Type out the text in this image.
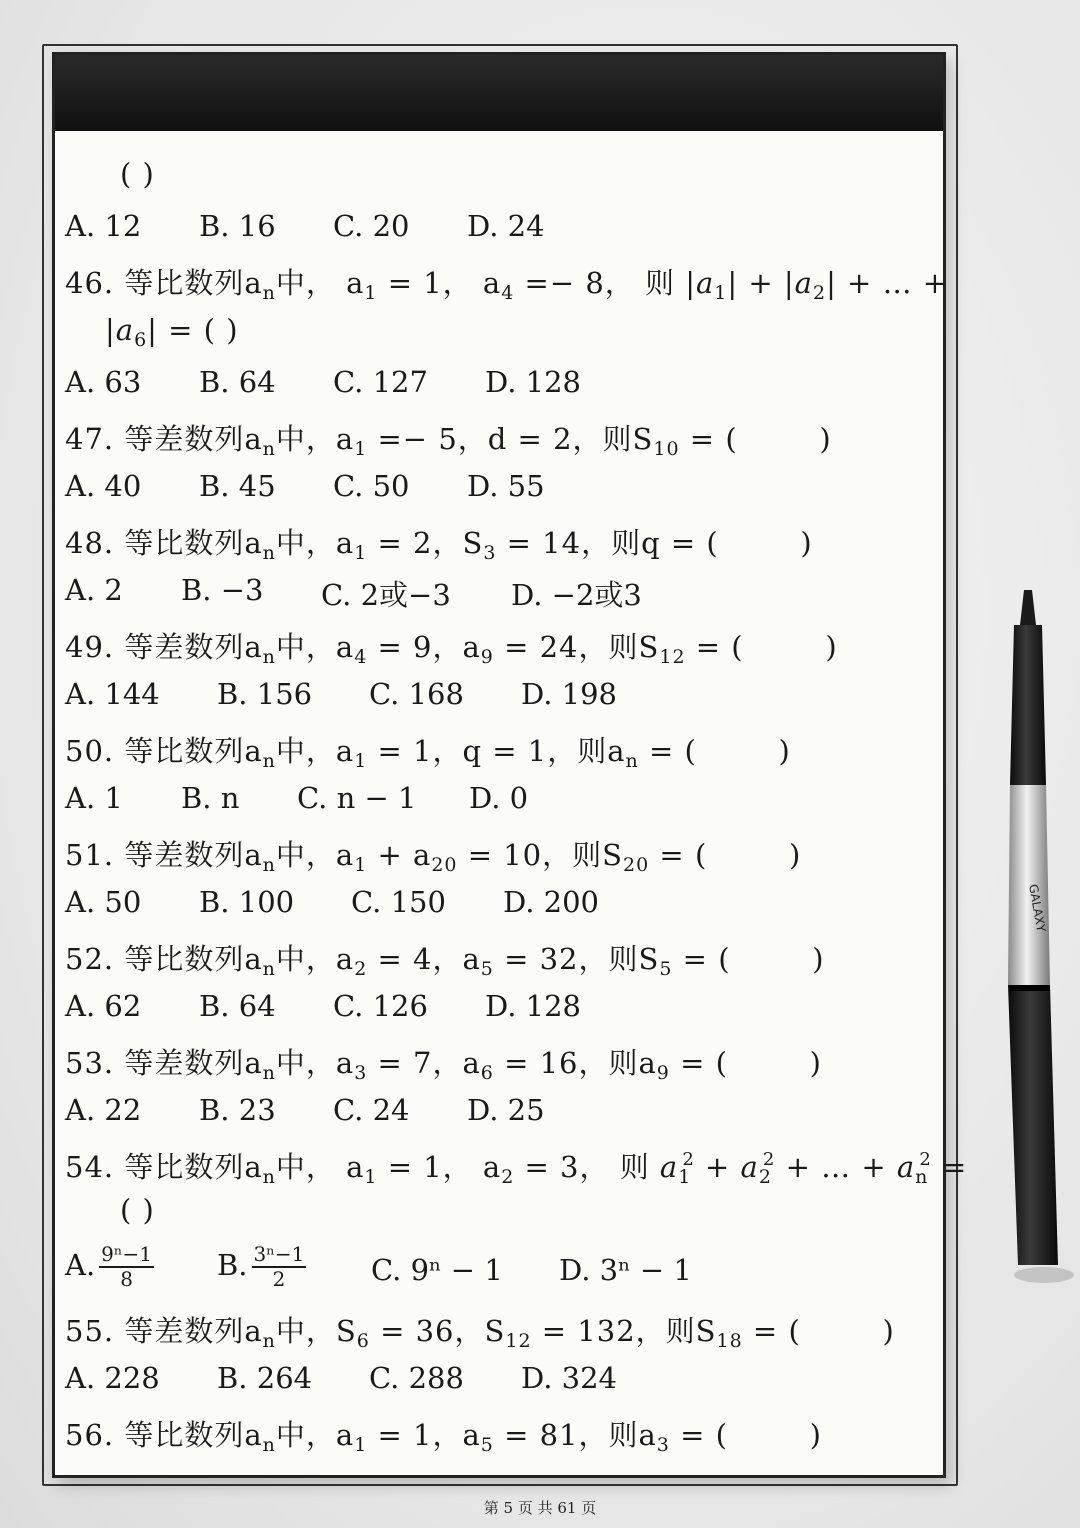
( )
A. 12 B. 16 C. 20 D. 24
46. 等比数列$a_n$中， $a_1 = 1$， $a_4 =- 8$， 则 $|a_1| + |a_2|$ + … +
$|a_6|$ = ( )
A. 63 B. 64 C. 127 D. 128
47. 等差数列$a_n$中，$a_1 =- 5$，d = 2，则$S_{10}$ = (        )
A. 40 B. 45 C. 50 D. 55
48. 等比数列$a_n$中，$a_1 = 2$，$S_3 = 14$，则q = (        )
A. 2 B. −3 C. 2或−3 D. −2或3
49. 等差数列$a_n$中，$a_4 = 9$，$a_9 = 24$，则$S_{12}$ = (        )
A. 144 B. 156 C. 168 D. 198
50. 等比数列$a_n$中，$a_1 = 1$，q = 1，则$a_n$ = (        )
A. 1 B. n C. n − 1 D. 0
51. 等差数列$a_n$中，$a_1 + a_{20} = 10$，则$S_{20}$ = (        )
A. 50 B. 100 C. 150 D. 200
52. 等比数列$a_n$中，$a_2 = 4$，$a_5 = 32$，则$S_5$ = (        )
A. 62 B. 64 C. 126 D. 128
53. 等差数列$a_n$中，$a_3 = 7$，$a_6 = 16$，则$a_9$ = (        )
A. 22 B. 23 C. 24 D. 25
54. 等比数列$a_n$中， $a_1 = 1$， $a_2 = 3$， 则 $a_1^2 + a_2^2$ + … + $a_n^2$ =
( )
A. $\frac{\text{9ⁿ−1}}{8} B$. $\frac{\text{3ⁿ−1}}{2} C$. 9ⁿ − 1 D. 3ⁿ − 1
55. 等差数列$a_n$中，$S_6 = 36$，$S_{12} = 132$，则$S_{18}$ = (        )
A. 228 B. 264 C. 288 D. 324
56. 等比数列$a_n$中，$a_1 = 1$，$a_5 = 81$，则$a_3$ = (        )
GALAXY
第 5 页 共 61 页
